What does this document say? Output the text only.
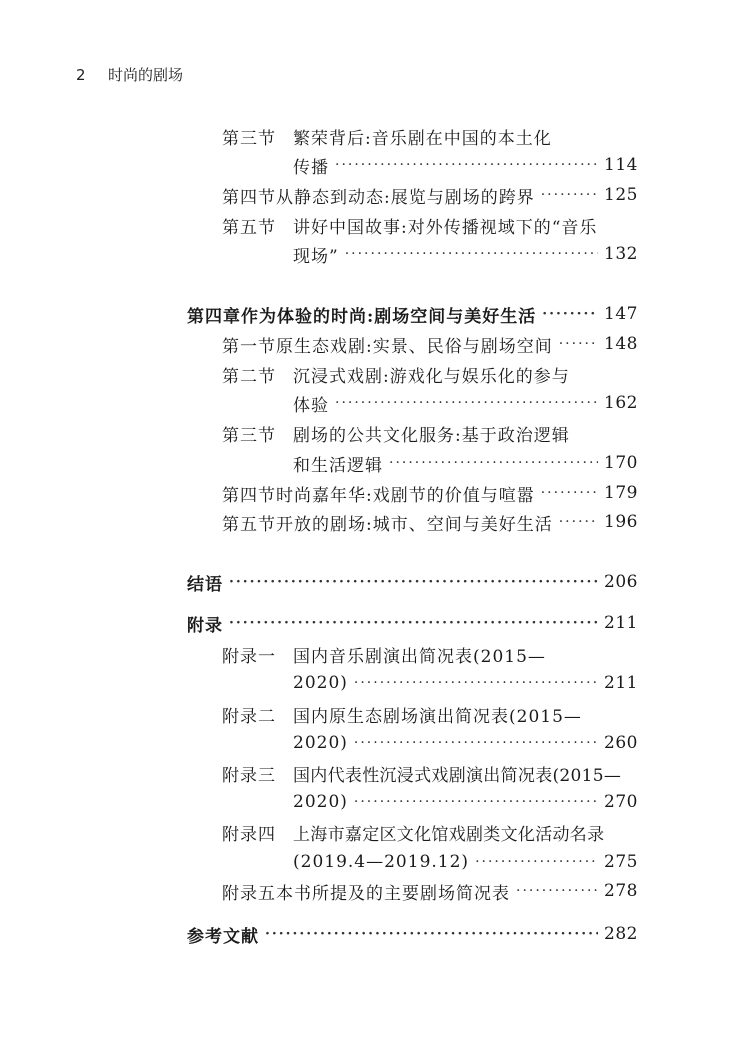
2 时尚的剧场
第三节	繁荣背后:音乐剧在中国的本土化
传播 ·····	114
第四节 从静态到动态:展览与剧场的跨界 ·····	125
第五节	讲好中国故事:对外传播视域下的“音乐
现场” ·····	132
第四章 作为体验的时尚:剧场空间与美好生活 ·····	147
第一节 原生态戏剧:实景、民俗与剧场空间 ·····	148
第二节	沉浸式戏剧:游戏化与娱乐化的参与
体验 ·····	162
第三节	剧场的公共文化服务:基于政治逻辑
和生活逻辑 ·····	170
第四节 时尚嘉年华:戏剧节的价值与喧嚣 ·····	179
第五节 开放的剧场:城市、空间与美好生活 ·····	196
结语 ·····	206
附录 ·····	211
附录一	国内音乐剧演出简况表(2015—
2020) ·····	211
附录二	国内原生态剧场演出简况表(2015—
2020) ·····	260
附录三	国内代表性沉浸式戏剧演出简况表(2015—
2020) ·····	270
附录四	上海市嘉定区文化馆戏剧类文化活动名录
(2019.4—2019.12) ·····	275
附录五 本书所提及的主要剧场简况表 ·····	278
参考文献 ·····	282
